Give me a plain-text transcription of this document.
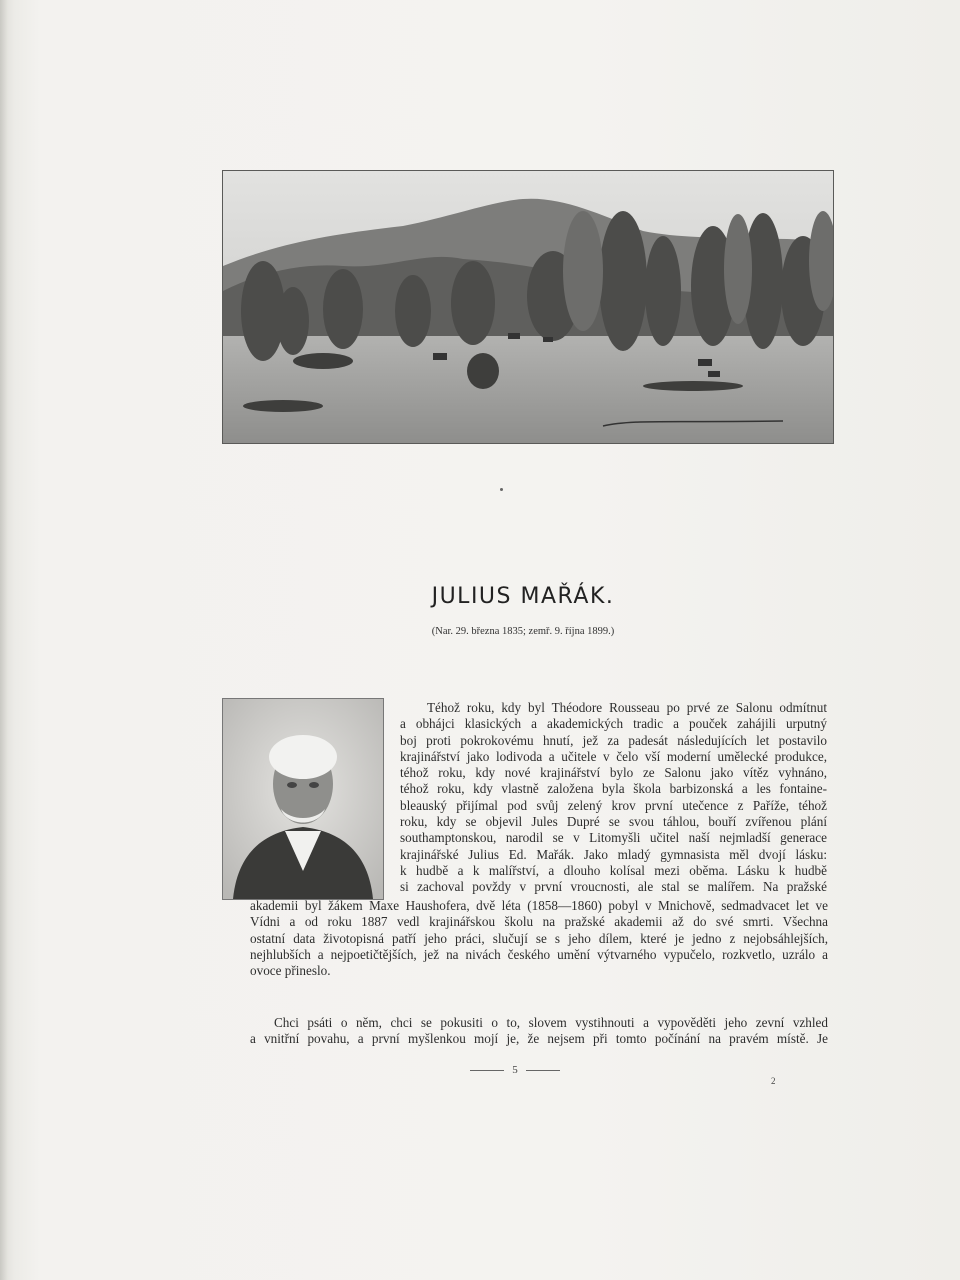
JULIUS MAŘÁK.
(Nar. 29. března 1835; zemř. 9. října 1899.)
Téhož roku, kdy byl Théodore Rousseau po prvé ze Salonu odmítnut
a obhájci klasických a akademických tradic a pouček zahájili urputný
boj proti pokrokovému hnutí, jež za padesát následujících let postavilo
krajinářství jako lodivoda a učitele v čelo vší moderní umělecké produkce,
téhož roku, kdy nové krajinářství bylo ze Salonu jako vítěz vyhnáno,
téhož roku, kdy vlastně založena byla škola barbizonská a les fontaine-
bleauský přijímal pod svůj zelený krov první utečence z Paříže, téhož
roku, kdy se objevil Jules Dupré se svou táhlou, bouří zvířenou plání
southamptonskou, narodil se v Litomyšli učitel naší nejmladší generace
krajinářské Julius Ed. Mařák. Jako mladý gymnasista měl dvojí lásku:
k hudbě a k malířství, a dlouho kolísal mezi oběma. Lásku k hudbě
si zachoval povždy v první vroucnosti, ale stal se malířem. Na pražské
akademii byl žákem Maxe Haushofera, dvě léta (1858—1860) pobyl v Mnichově, sedmadvacet let ve
Vídni a od roku 1887 vedl krajinářskou školu na pražské akademii až do své smrti. Všechna
ostatní data životopisná patří jeho práci, slučují se s jeho dílem, které je jedno z nejobsáhlejších,
nejhlubších a nejpoetičtějších, jež na nivách českého umění výtvarného vypučelo, rozkvetlo, uzrálo a
ovoce přineslo.
Chci psáti o něm, chci se pokusiti o to, slovem vystihnouti a vypověděti jeho zevní vzhled
a vnitřní povahu, a první myšlenkou mojí je, že nejsem při tomto počínání na pravém místě. Je
5
2
